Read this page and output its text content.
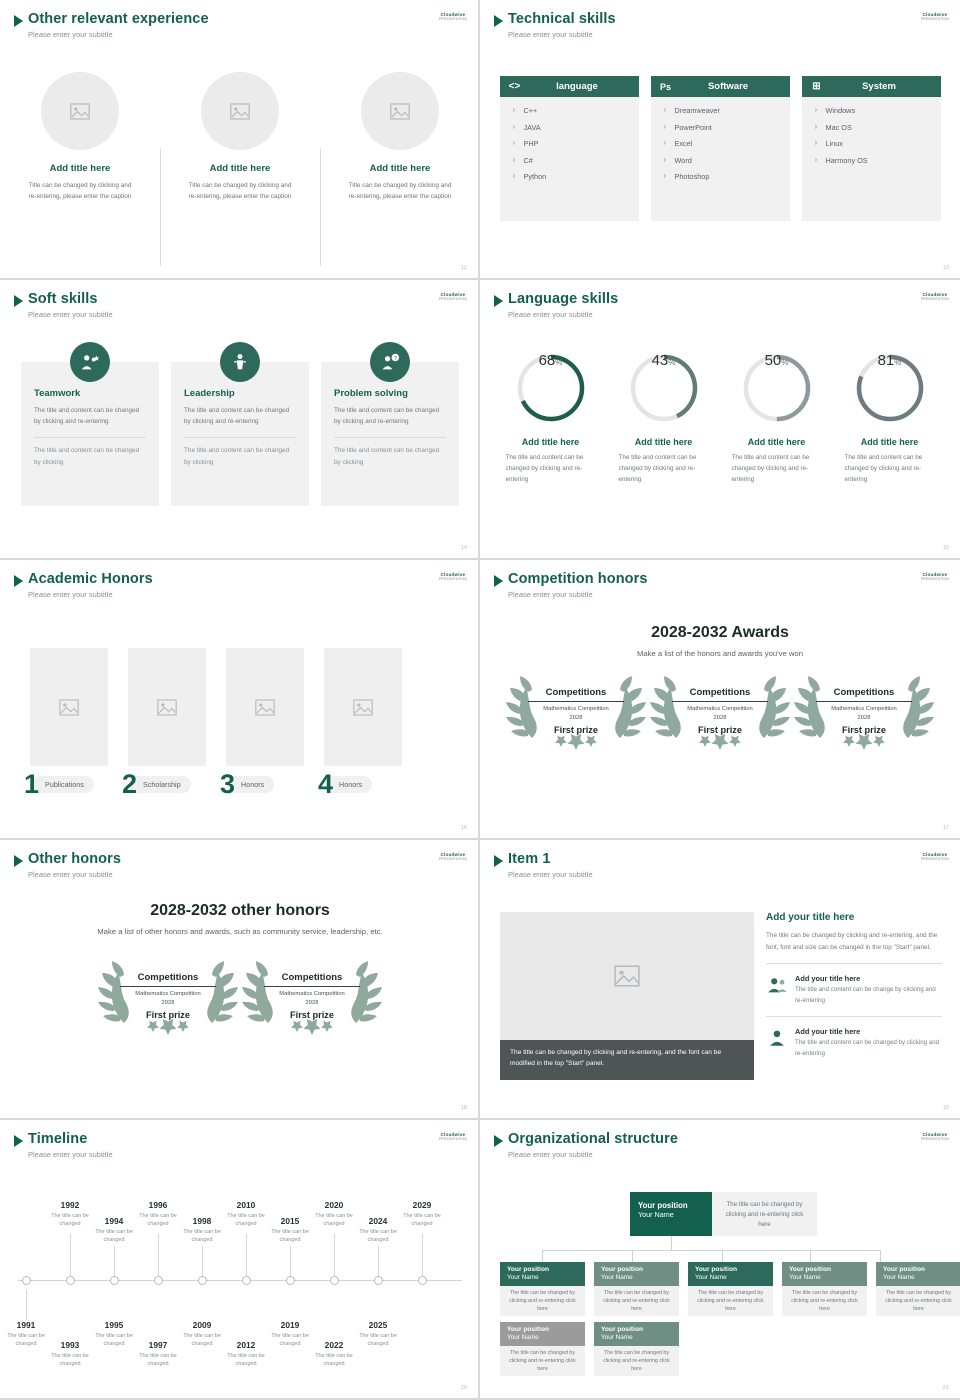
Other relevant experience
Please enter your subtitle
Cloudwise
PRESENTATION
Add title here
Title can be changed by clicking and re-entering, please enter the caption
Add title here
Title can be changed by clicking and re-entering, please enter the caption
Add title here
Title can be changed by clicking and re-entering, please enter the caption
12
Technical skills
Please enter your subtitle
Cloudwise
PRESENTATION
<>	language
› C++
› JAVA
› PHP
› C#
› Python
Ps	Software
› Dreamweaver
› PowerPoint
› Excel
› Word
› Photoshop
⊞	System
› Windows
› Mac OS
› Linux
› Harmony OS
13
Soft skills
Please enter your subtitle
Cloudwise
PRESENTATION
Teamwork
The title and content can be changed by clicking and re-entering
The title and content can be changed by clicking
Leadership
The title and content can be changed by clicking and re-entering
The title and content can be changed by clicking
?
Problem solving
The title and content can be changed by clicking and re-entering
The title and content can be changed by clicking
14
Language skills
Please enter your subtitle
Cloudwise
PRESENTATION
68 %
Add title here
The title and content can be changed by clicking and re-entering
43 %
Add title here
The title and content can be changed by clicking and re-entering
50 %
Add title here
The title and content can be changed by clicking and re-entering
81 %
Add title here
The title and content can be changed by clicking and re-entering
15
Academic Honors
Please enter your subtitle
Cloudwise
PRESENTATION
1 Publications	2 Scholarship	3 Honors	4 Honors
16
Competition honors
Please enter your subtitle
Cloudwise
PRESENTATION
2028-2032 Awards
Make a list of the honors and awards you've won
Competitions
Mathematics Competition
2028
First prize
Competitions
Mathematics Competition
2028
First prize
Competitions
Mathematics Competition
2028
First prize
17
Other honors
Please enter your subtitle
Cloudwise
PRESENTATION
2028-2032 other honors
Make a list of other honors and awards, such as community service, leadership, etc.
Competitions
Mathematics Competition
2028
First prize
Competitions
Mathematics Competition
2028
First prize
18
Item 1
Please enter your subtitle
Cloudwise
PRESENTATION
The title can be changed by clicking and re-entering, and the font can be modified in the top "Start" panel.
Add your title here
The title can be changed by clicking and re-entering, and the font, font and size can be changed in the top "Start" panel.
Add your title here
The title and content can be change by clicking and re-entering
Add your title here
The title and content can be changed by clicking and re-entering
19
Timeline
Please enter your subtitle
Cloudwise
PRESENTATION
1992
The title can be changed
1996
The title can be changed
2010
The title can be changed
2020
The title can be changed
2029
The title can be changed
1994
The title can be changed
1998
The title can be changed
2015
The title can be changed
2024
The title can be changed
1991
The title can be changed
1995
The title can be changed
2009
The title can be changed
2019
The title can be changed
2025
The title can be changed
1993
The title can be changed
1997
The title can be changed
2012
The title can be changed
2022
The title can be changed
20
Organizational structure
Please enter your subtitle
Cloudwise
PRESENTATION
Your position
Your Name
The title can be changed by clicking and re-entering click here
Your position
Your Name
The title can be changed by clicking and re-entering click here
Your position
Your Name
The title can be changed by clicking and re-entering click here
Your position
Your Name
The title can be changed by clicking and re-entering click here
Your position
Your Name
The title can be changed by clicking and re-entering click here
Your position
Your Name
The title can be changed by clicking and re-entering click here
Your position
Your Name
The title can be changed by clicking and re-entering click here
Your position
Your Name
The title can be changed by clicking and re-entering click here
21
